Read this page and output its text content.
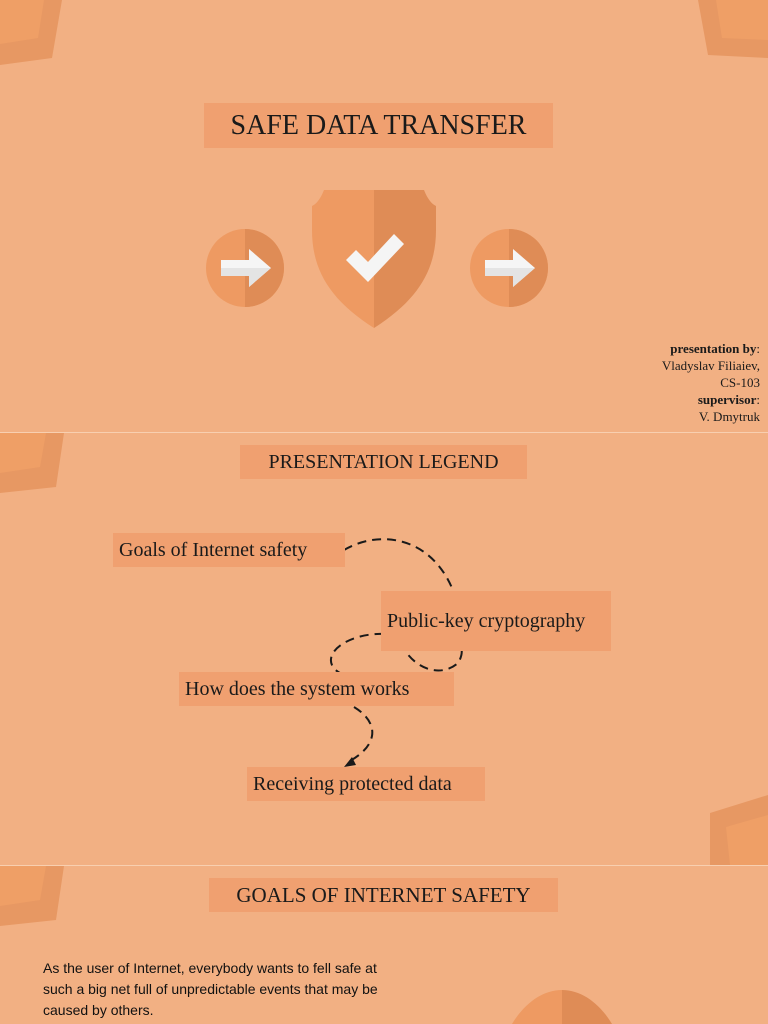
SAFE DATA TRANSFER
presentation by:
Vladyslav Filiaiev,
CS-103
supervisor:
V. Dmytruk
PRESENTATION LEGEND
Goals of Internet safety
Public-key cryptography
How does the system works
Receiving protected data
GOALS OF INTERNET SAFETY
As the user of Internet, everybody wants to fell safe at such a big net full of unpredictable events that may be caused by others.
